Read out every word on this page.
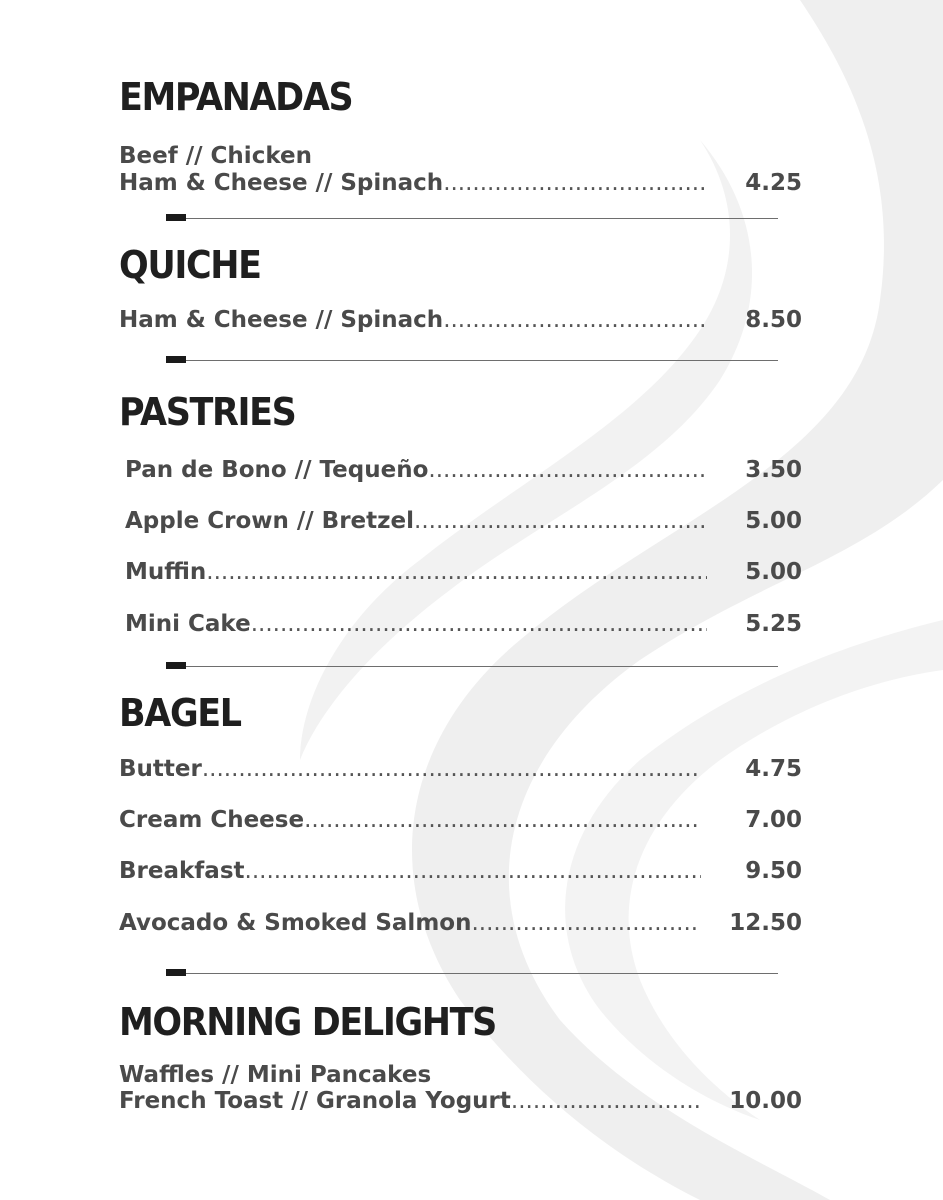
EMPANADAS
Beef // Chicken
Ham & Cheese // Spinach .....	4.25
QUICHE
Ham & Cheese // Spinach .....	8.50
PASTRIES
Pan de Bono // Tequeño .....	3.50
Apple Crown // Bretzel .....	5.00
Muffin .....	5.00
Mini Cake .....	5.25
BAGEL
Butter .....	4.75
Cream Cheese .....	7.00
Breakfast .....	9.50
Avocado & Smoked Salmon .....	12.50
MORNING DELIGHTS
Waffles // Mini Pancakes
French Toast // Granola Yogurt .....	10.00
